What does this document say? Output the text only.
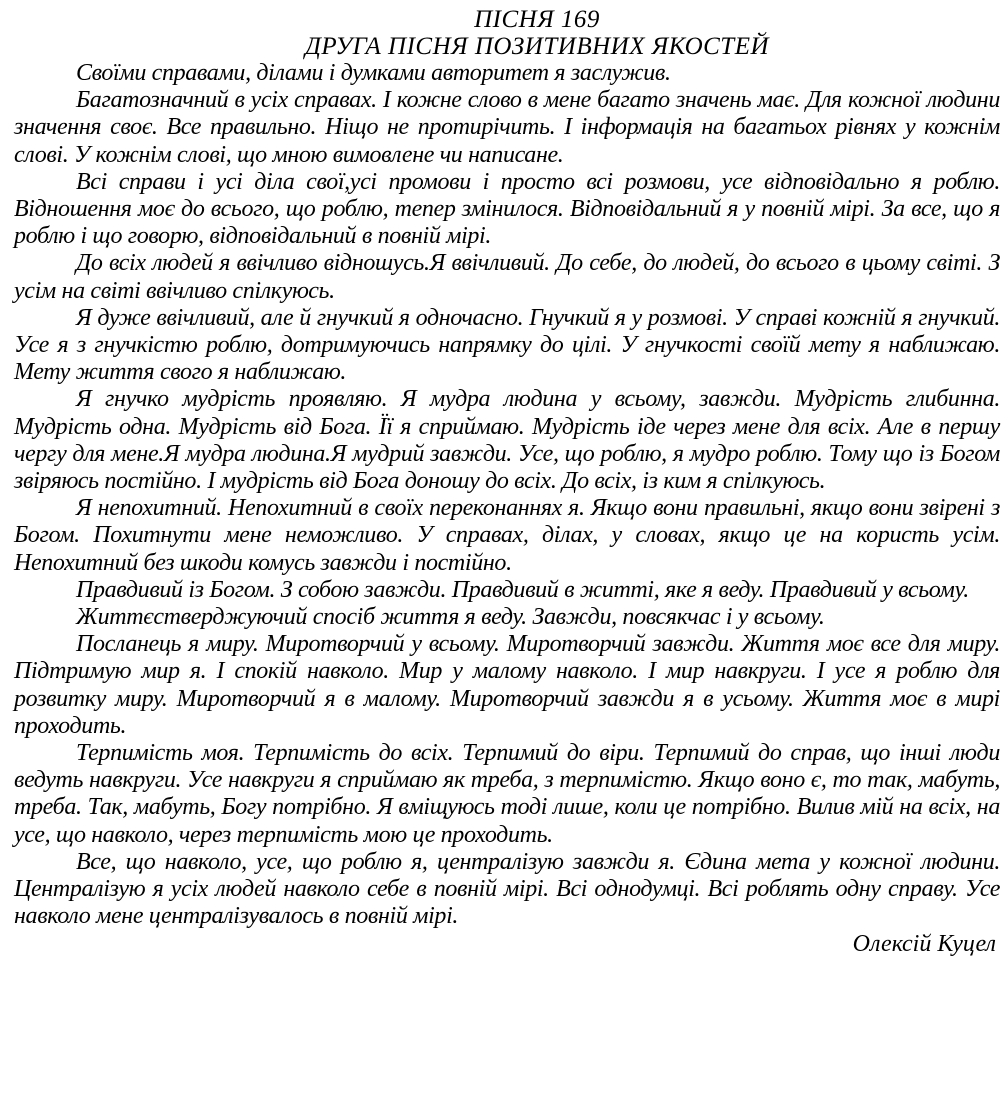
ПІСНЯ 169
ДРУГА ПІСНЯ ПОЗИТИВНИХ ЯКОСТЕЙ

Своїми справами, ділами і думками авторитет я заслужив.

Багатозначний в усіх справах. І кожне слово в мене багато значень має. Для кожної людини значення своє. Все правильно. Ніщо не протирічить. І інформація на багатьох рівнях у кожнім слові. У кожнім слові, що мною вимовлене чи написане.

Всі справи і усі діла свої,усі промови і просто всі розмови, усе відповідально я роблю. Відношення моє до всього, що роблю, тепер змінилося. Відповідальний я у повній мірі. За все, що я роблю і що говорю, відповідальний в повній мірі.

До всіх людей я ввічливо відношусь.Я ввічливий. До себе, до людей, до всього в цьому світі. З усім на світі ввічливо спілкуюсь.

Я дуже ввічливий, але й гнучкий я одночасно. Гнучкий я у розмові. У справі кожній я гнучкий. Усе я з гнучкістю роблю, дотримуючись напрямку до цілі. У гнучкості своїй мету я наближаю. Мету життя свого я наближаю.

Я гнучко мудрість проявляю. Я мудра людина у всьому, завжди. Мудрість глибинна. Мудрість одна. Мудрість від Бога. Її я сприймаю. Мудрість іде через мене для всіх. Але в першу чергу для мене.Я мудра людина.Я мудрий завжди. Усе, що роблю, я мудро роблю. Тому що із Богом звіряюсь постійно. І мудрість від Бога доношу до всіх. До всіх, із ким я спілкуюсь.

Я непохитний. Непохитний в своїх переконаннях я. Якщо вони правильні, якщо вони звірені з Богом. Похитнути мене неможливо. У справах, ділах, у словах, якщо це на користь усім. Непохитний без шкоди комусь завжди і постійно.

Правдивий із Богом. З собою завжди. Правдивий в житті, яке я веду. Правдивий у всьому.

Життєстверджуючий спосіб життя я веду. Завжди, повсякчас і у всьому.

Посланець я миру. Миротворчий у всьому. Миротворчий завжди. Життя моє все для миру. Підтримую мир я. І спокій навколо. Мир у малому навколо. І мир навкруги. І усе я роблю для розвитку миру. Миротворчий я в малому. Миротворчий завжди я в усьому. Життя моє в мирі проходить.

Терпимість моя. Терпимість до всіх. Терпимий до віри. Терпимий до справ, що інші люди ведуть навкруги. Усе навкруги я сприймаю як треба, з терпимістю. Якщо воно є, то так, мабуть, треба. Так, мабуть, Богу потрібно. Я вміщуюсь тоді лише, коли це потрібно. Вилив мій на всіх, на усе, що навколо, через терпимість мою це проходить.

Все, що навколо, усе, що роблю я, централізую завжди я. Єдина мета у кожної людини. Централізую я усіх людей навколо себе в повній мірі. Всі однодумці. Всі роблять одну справу. Усе навколо мене централізувалось в повній мірі.

Олексій Куцел
